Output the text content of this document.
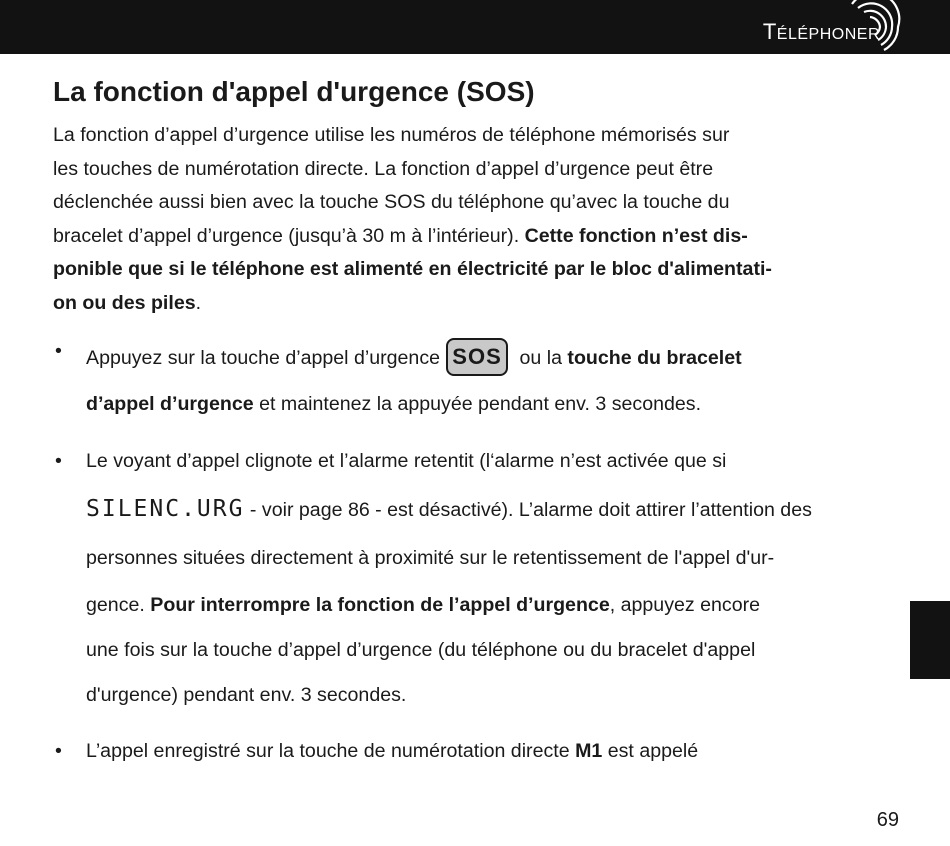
TÉLÉPHONER
La fonction d'appel d'urgence (SOS)
La fonction d’appel d’urgence utilise les numéros de téléphone mémorisés sur
les touches de numérotation directe. La fonction d’appel d’urgence peut être
déclenchée aussi bien avec la touche SOS du téléphone qu’avec la touche du
bracelet d’appel d’urgence (jusqu’à 30 m à l’intérieur). Cette fonction n’est dis-
ponible que si le téléphone est alimenté en électricité par le bloc d'alimentati-
on ou des piles.
• Appuyez sur la touche d’appel d’urgence SOS ou la touche du bracelet
d’appel d’urgence et maintenez la appuyée pendant env. 3 secondes.
• Le voyant d’appel clignote et l’alarme retentit (l‘alarme n’est activée que si
SILENC.URG - voir page 86 - est désactivé). L’alarme doit attirer l’attention des
personnes situées directement à proximité sur le retentissement de l'appel d'ur-
gence. Pour interrompre la fonction de l’appel d’urgence, appuyez encore
une fois sur la touche d’appel d’urgence (du téléphone ou du bracelet d'appel
d'urgence) pendant env. 3 secondes.
• L’appel enregistré sur la touche de numérotation directe M1 est appelé
69
